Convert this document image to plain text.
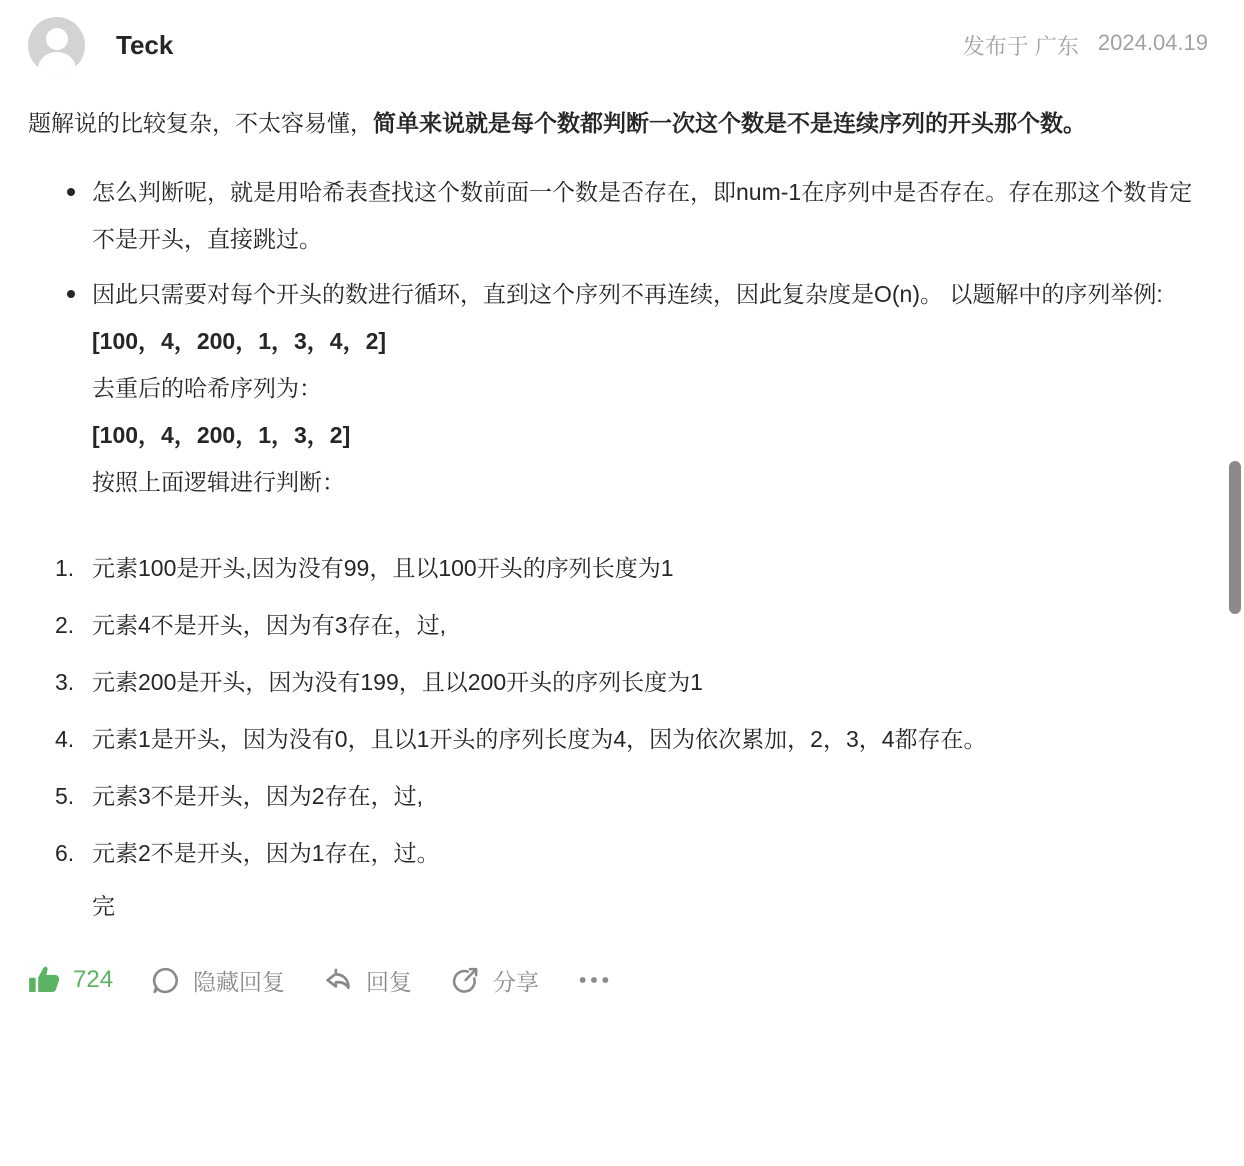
Teck	发布于 广东 2024.04.19

题解说的比较复杂，不太容易懂，简单来说就是每个数都判断一次这个数是不是连续序列的开头那个数。

怎么判断呢，就是用哈希表查找这个数前面一个数是否存在，即num-1在序列中是否存在。存在那这个数肯定不是开头，直接跳过。
因此只需要对每个开头的数进行循环，直到这个序列不再连续，因此复杂度是O(n)。 以题解中的序列举例:
[100，4，200，1，3，4，2]
去重后的哈希序列为：
[100，4，200，1，3，2]
按照上面逻辑进行判断：
1. 元素100是开头,因为没有99，且以100开头的序列长度为1
2. 元素4不是开头，因为有3存在，过,
3. 元素200是开头，因为没有199，且以200开头的序列长度为1
4. 元素1是开头，因为没有0，且以1开头的序列长度为4，因为依次累加，2，3，4都存在。
5. 元素3不是开头，因为2存在，过,
6. 元素2不是开头，因为1存在，过。
完
724	隐藏回复	回复	分享
